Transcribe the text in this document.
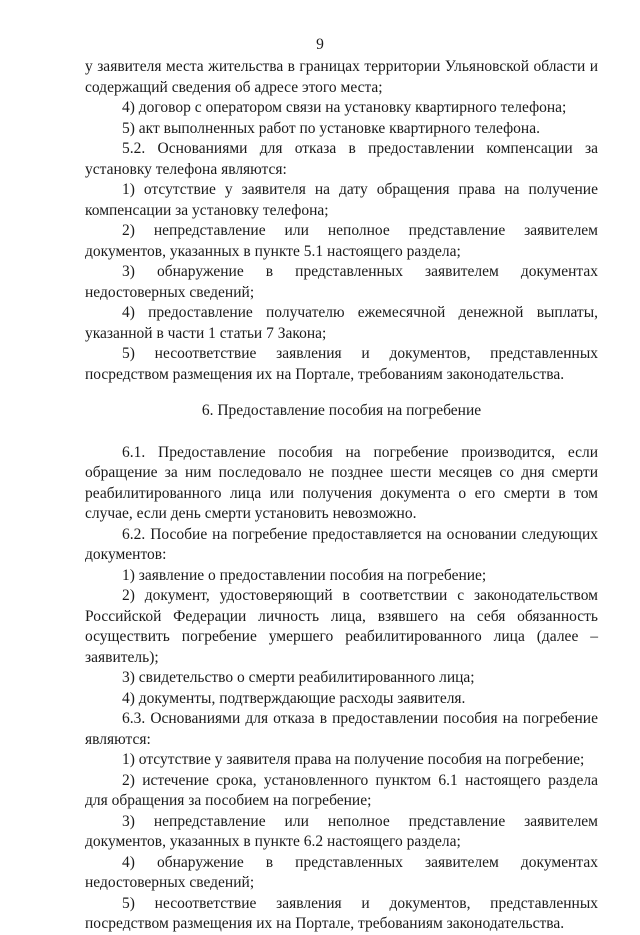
9

у заявителя места жительства в границах территории Ульяновской области и содержащий сведения об адресе этого места;

4) договор с оператором связи на установку квартирного телефона;

5) акт выполненных работ по установке квартирного телефона.

5.2. Основаниями для отказа в предоставлении компенсации за установку телефона являются:

1) отсутствие у заявителя на дату обращения права на получение компенсации за установку телефона;

2) непредставление или неполное представление заявителем документов, указанных в пункте 5.1 настоящего раздела;

3) обнаружение в представленных заявителем документах недостоверных сведений;

4) предоставление получателю ежемесячной денежной выплаты, указанной в части 1 статьи 7 Закона;

5) несоответствие заявления и документов, представленных посредством размещения их на Портале, требованиям законодательства.

6. Предоставление пособия на погребение

6.1. Предоставление пособия на погребение производится, если обращение за ним последовало не позднее шести месяцев со дня смерти реабилитированного лица или получения документа о его смерти в том случае, если день смерти установить невозможно.

6.2. Пособие на погребение предоставляется на основании следующих документов:

1) заявление о предоставлении пособия на погребение;

2) документ, удостоверяющий в соответствии с законодательством Российской Федерации личность лица, взявшего на себя обязанность осуществить погребение умершего реабилитированного лица (далее – заявитель);

3) свидетельство о смерти реабилитированного лица;

4) документы, подтверждающие расходы заявителя.

6.3. Основаниями для отказа в предоставлении пособия на погребение являются:

1) отсутствие у заявителя права на получение пособия на погребение;

2) истечение срока, установленного пунктом 6.1 настоящего раздела для обращения за пособием на погребение;

3) непредставление или неполное представление заявителем документов, указанных в пункте 6.2 настоящего раздела;

4) обнаружение в представленных заявителем документах недостоверных сведений;

5) несоответствие заявления и документов, представленных посредством размещения их на Портале, требованиям законодательства.
